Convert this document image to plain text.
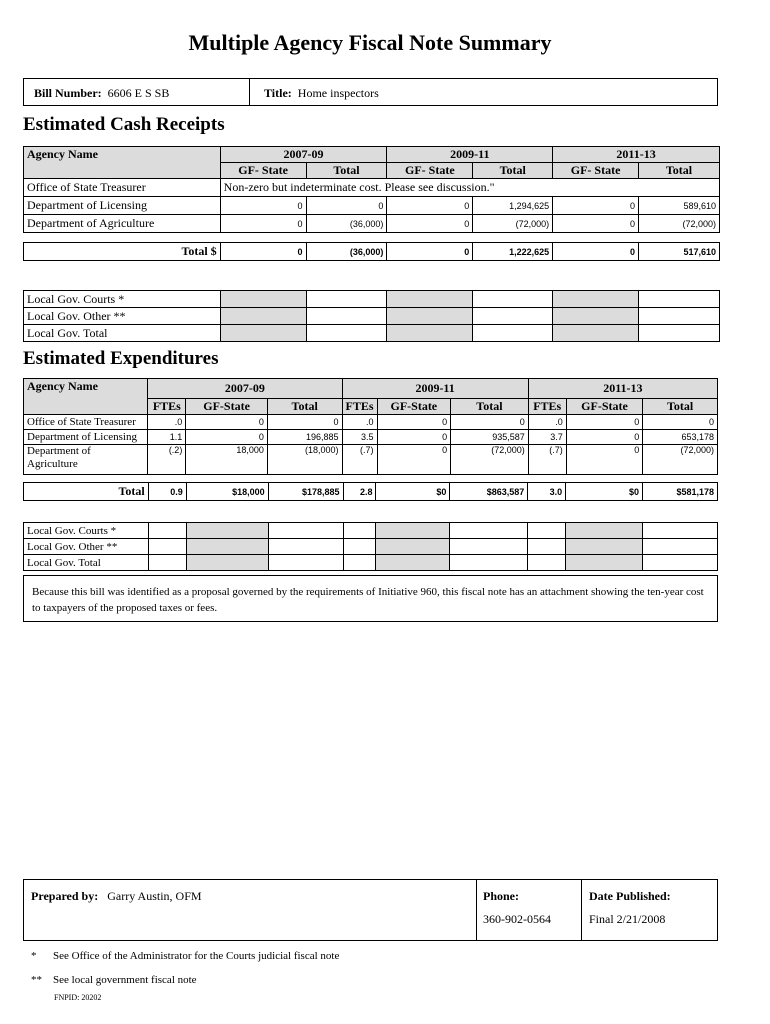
Multiple Agency Fiscal Note Summary
Bill Number: 6606 E S SB	Title: Home inspectors
Estimated Cash Receipts
Agency Name	2007-09		2009-11		2011-13	
	GF- State	Total	GF- State	Total	GF- State	Total
Office of State Treasurer	Non-zero but indeterminate cost. Please see discussion."					
Department of Licensing	0	0	0	1,294,625	0	589,610
Department of Agriculture	0	(36,000)	0	(72,000)	0	(72,000)
Total $	0	(36,000)	0	1,222,625	0	517,610
Local Gov. Courts *						
Local Gov. Other **						
Local Gov. Total						
Estimated Expenditures
Agency Name	2007-09			2009-11			2011-13		
	FTEs	GF-State	Total	FTEs	GF-State	Total	FTEs	GF-State	Total
Office of State Treasurer	.0	0	0	.0	0	0	.0	0	0
Department of Licensing	1.1	0	196,885	3.5	0	935,587	3.7	0	653,178
Department of
Agriculture	(.2)	18,000	(18,000)	(.7)	0	(72,000)	(.7)	0	(72,000)
Total	0.9	$18,000	$178,885	2.8	$0	$863,587	3.0	$0	$581,178
Local Gov. Courts *									
Local Gov. Other **									
Local Gov. Total									
Because this bill was identified as a proposal governed by the requirements of Initiative 960, this fiscal note has an attachment showing the ten-year cost to taxpayers of the proposed taxes or fees.
Prepared by: Garry Austin, OFM	Phone:
360-902-0564
Date Published:
Final 2/21/2008
* See Office of the Administrator for the Courts judicial fiscal note
** See local government fiscal note
FNPID: 20202
